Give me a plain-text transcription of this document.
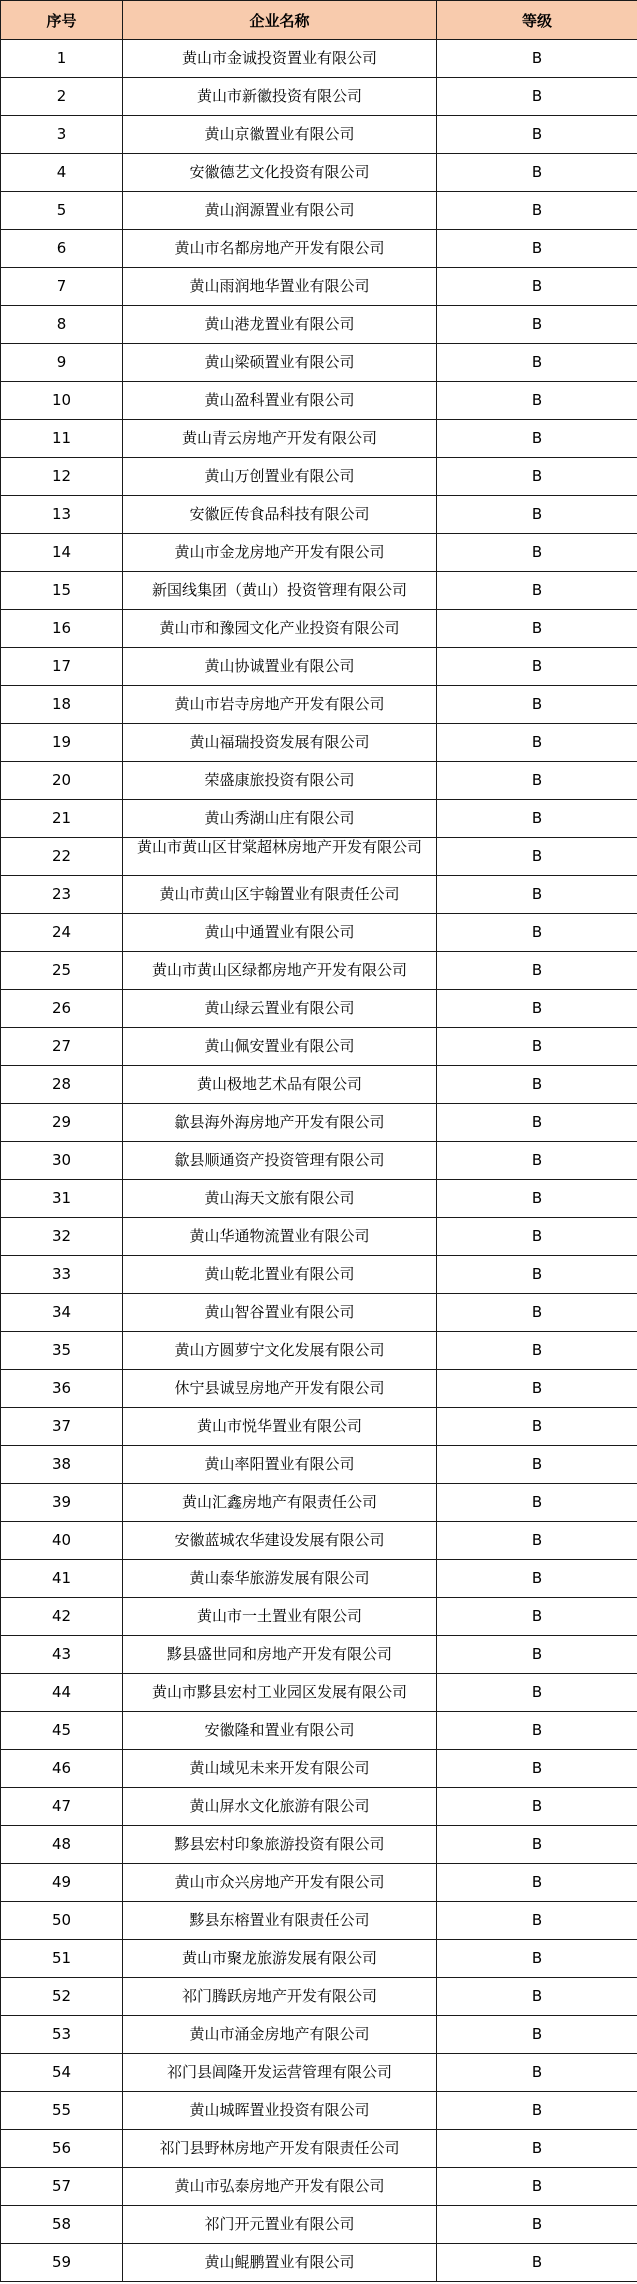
序号	企业名称	等级
1	黄山市金诚投资置业有限公司	B
2	黄山市新徽投资有限公司	B
3	黄山京徽置业有限公司	B
4	安徽德艺文化投资有限公司	B
5	黄山润源置业有限公司	B
6	黄山市名都房地产开发有限公司	B
7	黄山雨润地华置业有限公司	B
8	黄山港龙置业有限公司	B
9	黄山梁硕置业有限公司	B
10	黄山盈科置业有限公司	B
11	黄山青云房地产开发有限公司	B
12	黄山万创置业有限公司	B
13	安徽匠传食品科技有限公司	B
14	黄山市金龙房地产开发有限公司	B
15	新国线集团（黄山）投资管理有限公司	B
16	黄山市和豫园文化产业投资有限公司	B
17	黄山协诚置业有限公司	B
18	黄山市岩寺房地产开发有限公司	B
19	黄山福瑞投资发展有限公司	B
20	荣盛康旅投资有限公司	B
21	黄山秀湖山庄有限公司	B
22	黄山市黄山区甘棠超林房地产开发有限公司	B
23	黄山市黄山区宇翰置业有限责任公司	B
24	黄山中通置业有限公司	B
25	黄山市黄山区绿都房地产开发有限公司	B
26	黄山绿云置业有限公司	B
27	黄山佩安置业有限公司	B
28	黄山极地艺术品有限公司	B
29	歙县海外海房地产开发有限公司	B
30	歙县顺通资产投资管理有限公司	B
31	黄山海天文旅有限公司	B
32	黄山华通物流置业有限公司	B
33	黄山乾北置业有限公司	B
34	黄山智谷置业有限公司	B
35	黄山方圆萝宁文化发展有限公司	B
36	休宁县诚昱房地产开发有限公司	B
37	黄山市悦华置业有限公司	B
38	黄山率阳置业有限公司	B
39	黄山汇鑫房地产有限责任公司	B
40	安徽蓝城农华建设发展有限公司	B
41	黄山泰华旅游发展有限公司	B
42	黄山市一土置业有限公司	B
43	黟县盛世同和房地产开发有限公司	B
44	黄山市黟县宏村工业园区发展有限公司	B
45	安徽隆和置业有限公司	B
46	黄山域见未来开发有限公司	B
47	黄山屏水文化旅游有限公司	B
48	黟县宏村印象旅游投资有限公司	B
49	黄山市众兴房地产开发有限公司	B
50	黟县东榕置业有限责任公司	B
51	黄山市聚龙旅游发展有限公司	B
52	祁门腾跃房地产开发有限公司	B
53	黄山市涌金房地产有限公司	B
54	祁门县阊隆开发运营管理有限公司	B
55	黄山城晖置业投资有限公司	B
56	祁门县野林房地产开发有限责任公司	B
57	黄山市弘泰房地产开发有限公司	B
58	祁门开元置业有限公司	B
59	黄山鲲鹏置业有限公司	B
